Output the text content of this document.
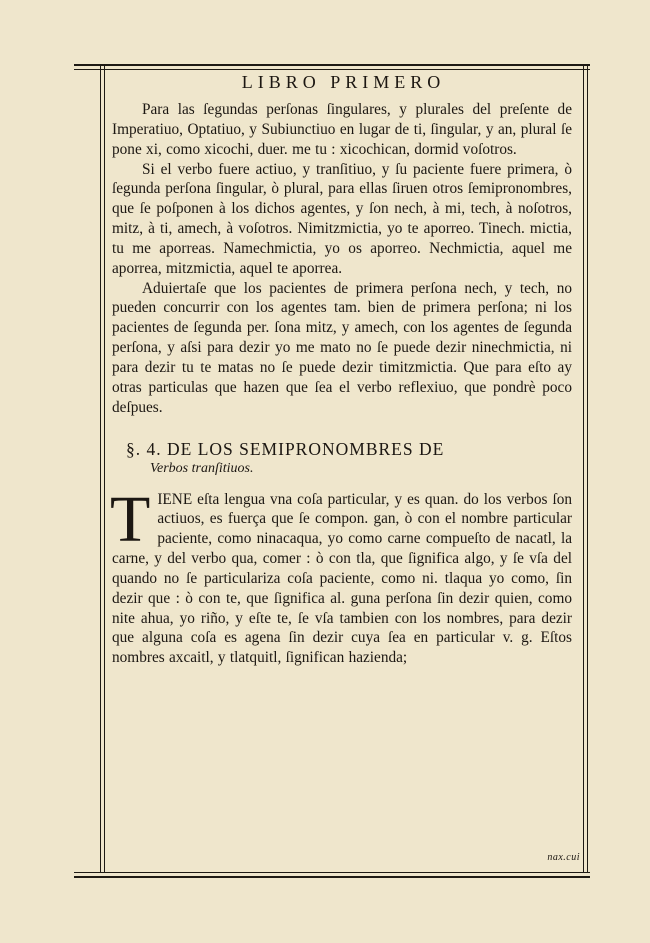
LIBRO PRIMERO

Para las ſegundas perſonas ſingulares, y plurales del preſente de Imperatiuo, Optatiuo, y Subiunctiuo en lugar de ti, ſingular, y an, plural ſe pone xi, como xicochi, duer. me tu : xicochican, dormid voſotros.

Si el verbo fuere actiuo, y tranſitiuo, y ſu paciente fuere primera, ò ſegunda perſona ſingular, ò plural, para ellas ſiruen otros ſemipronombres, que ſe poſponen à los dichos agentes, y ſon nech, à mi, tech, à noſotros, mitz, à ti, amech, à voſotros. Nimitzmictia, yo te aporreo. Tinech. mictia, tu me aporreas. Namechmictia, yo os aporreo. Nechmictia, aquel me aporrea, mitzmictia, aquel te aporrea.

Aduiertaſe que los pacientes de primera perſona nech, y tech, no pueden concurrir con los agentes tam. bien de primera perſona; ni los pacientes de ſegunda per. ſona mitz, y amech, con los agentes de ſegunda perſona, y aſsi para dezir yo me mato no ſe puede dezir ninechmictia, ni para dezir tu te matas no ſe puede dezir timitzmictia. Que para eſto ay otras particulas que hazen que ſea el verbo reflexiuo, que pondrè poco deſpues.

§. 4. DE LOS SEMIPRONOMBRES DE
Verbos tranſitiuos.

TIENE eſta lengua vna coſa particular, y es quan. do los verbos ſon actiuos, es fuerça que ſe compon. gan, ò con el nombre particular paciente, como ninacaqua, yo como carne compueſto de nacatl, la carne, y del verbo qua, comer : ò con tla, que ſignifica algo, y ſe vſa del quando no ſe particulariza coſa paciente, como ni. tlaqua yo como, ſin dezir que : ò con te, que ſignifica al. guna perſona ſin dezir quien, como nite ahua, yo riño, y eſte te, ſe vſa tambien con los nombres, para dezir que alguna coſa es agena ſin dezir cuya ſea en particular v. g. Eſtos nombres axcaitl, y tlatquitl, ſignifican hazienda;

nax.cui
